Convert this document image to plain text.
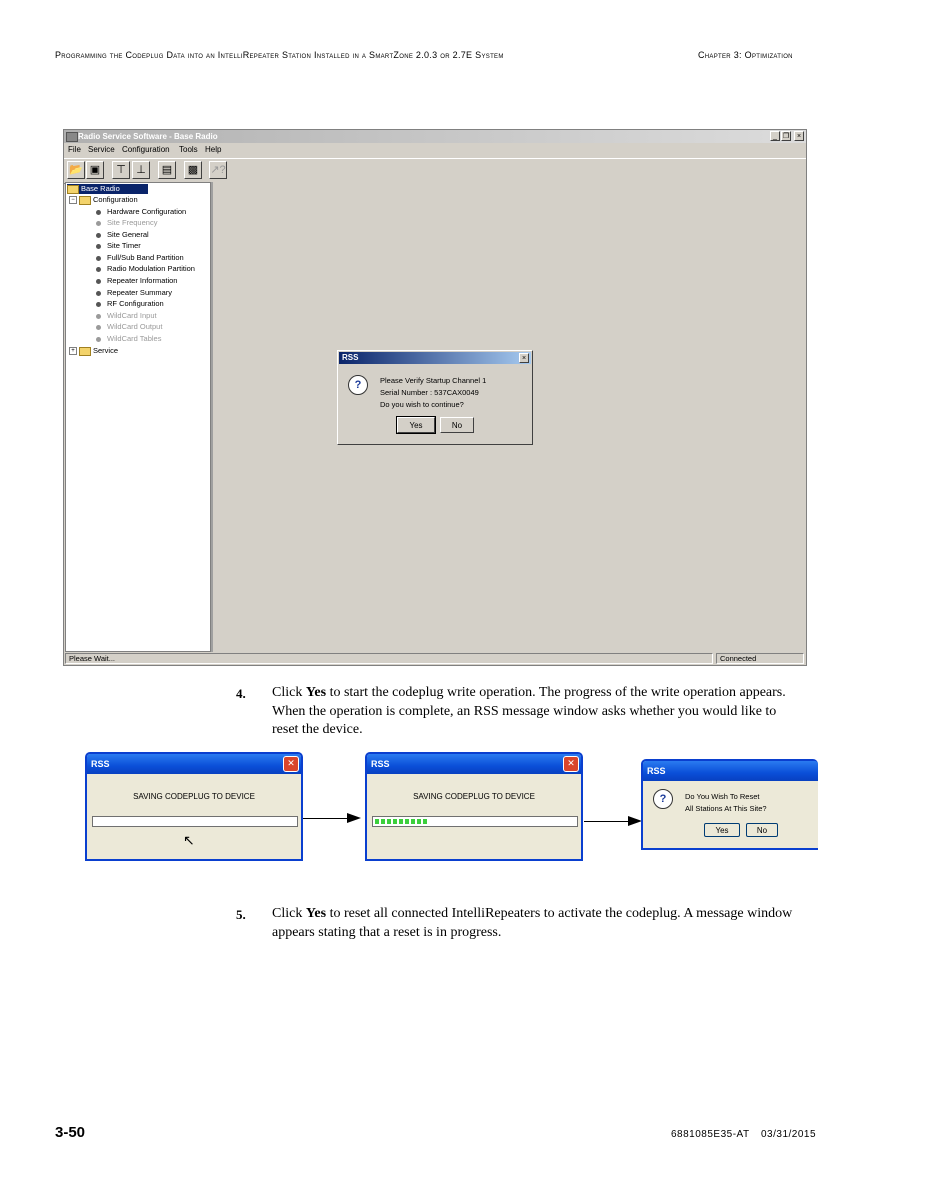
Programming the Codeplug Data into an IntelliRepeater Station Installed in a SmartZone 2.0.3 or 2.7E System	Chapter 3: Optimization
Radio Service Software - Base Radio	_ ❐	×
File Service Configuration Tools Help
📂 ▣	⊤ ⊥	▤	▩	↗?
Base Radio
− Configuration
Hardware Configuration
Site Frequency
Site General
Site Timer
Full/Sub Band Partition
Radio Modulation Partition
Repeater Information
Repeater Summary
RF Configuration
WildCard Input
WildCard Output
WildCard Tables
+ Service
Please Wait...	Connected
RSS	×
?	Please Verify Startup Channel 1
Serial Number : 537CAX0049
Do you wish to continue?
Yes	No
4. Click Yes to start the codeplug write operation. The progress of the write operation appears. When the operation is complete, an RSS message window asks whether you would like to reset the device.
RSS	✕
SAVING CODEPLUG TO DEVICE
↖
RSS	✕
SAVING CODEPLUG TO DEVICE
RSS
?	Do You Wish To Reset
All Stations At This Site?
Yes	No
5. Click Yes to reset all connected IntelliRepeaters to activate the codeplug. A message window appears stating that a reset is in progress.
3-50	6881085E35-AT 03/31/2015
